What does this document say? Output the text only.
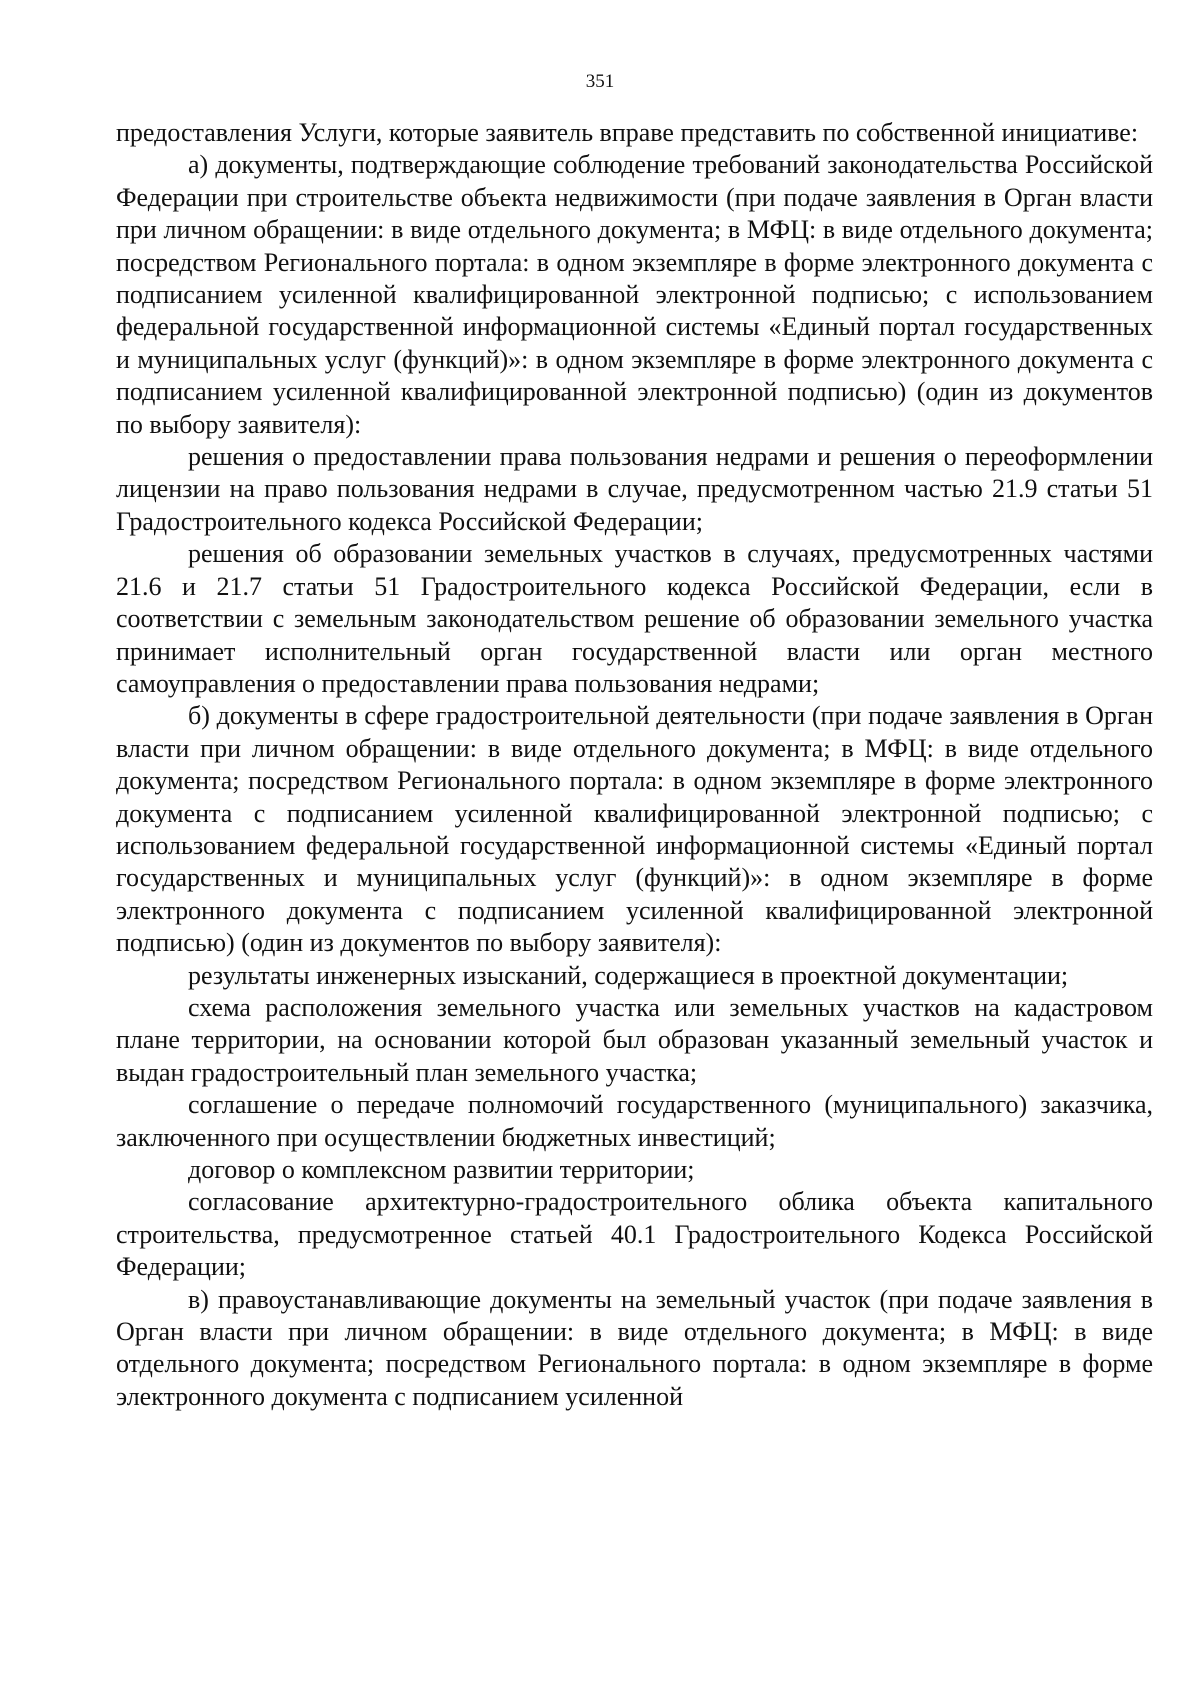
351

предоставления Услуги, которые заявитель вправе представить по собственной инициативе:

а) документы, подтверждающие соблюдение требований законодательства Российской Федерации при строительстве объекта недвижимости (при подаче заявления в Орган власти при личном обращении: в виде отдельного документа; в МФЦ: в виде отдельного документа; посредством Регионального портала: в одном экземпляре в форме электронного документа с подписанием усиленной квалифицированной электронной подписью; с использованием федеральной государственной информационной системы «Единый портал государственных и муниципальных услуг (функций)»: в одном экземпляре в форме электронного документа с подписанием усиленной квалифицированной электронной подписью) (один из документов по выбору заявителя):

решения о предоставлении права пользования недрами и решения о переоформлении лицензии на право пользования недрами в случае, предусмотренном частью 21.9 статьи 51 Градостроительного кодекса Российской Федерации;

решения об образовании земельных участков в случаях, предусмотренных частями 21.6 и 21.7 статьи 51 Градостроительного кодекса Российской Федерации, если в соответствии с земельным законодательством решение об образовании земельного участка принимает исполнительный орган государственной власти или орган местного самоуправления о предоставлении права пользования недрами;

б) документы в сфере градостроительной деятельности (при подаче заявления в Орган власти при личном обращении: в виде отдельного документа; в МФЦ: в виде отдельного документа; посредством Регионального портала: в одном экземпляре в форме электронного документа с подписанием усиленной квалифицированной электронной подписью; с использованием федеральной государственной информационной системы «Единый портал государственных и муниципальных услуг (функций)»: в одном экземпляре в форме электронного документа с подписанием усиленной квалифицированной электронной подписью) (один из документов по выбору заявителя):

результаты инженерных изысканий, содержащиеся в проектной документации;

схема расположения земельного участка или земельных участков на кадастровом плане территории, на основании которой был образован указанный земельный участок и выдан градостроительный план земельного участка;

соглашение о передаче полномочий государственного (муниципального) заказчика, заключенного при осуществлении бюджетных инвестиций;

договор о комплексном развитии территории;

согласование архитектурно-градостроительного облика объекта капитального строительства, предусмотренное статьей 40.1 Градостроительного Кодекса Российской Федерации;

в) правоустанавливающие документы на земельный участок (при подаче заявления в Орган власти при личном обращении: в виде отдельного документа; в МФЦ: в виде отдельного документа; посредством Регионального портала: в одном экземпляре в форме электронного документа с подписанием усиленной
